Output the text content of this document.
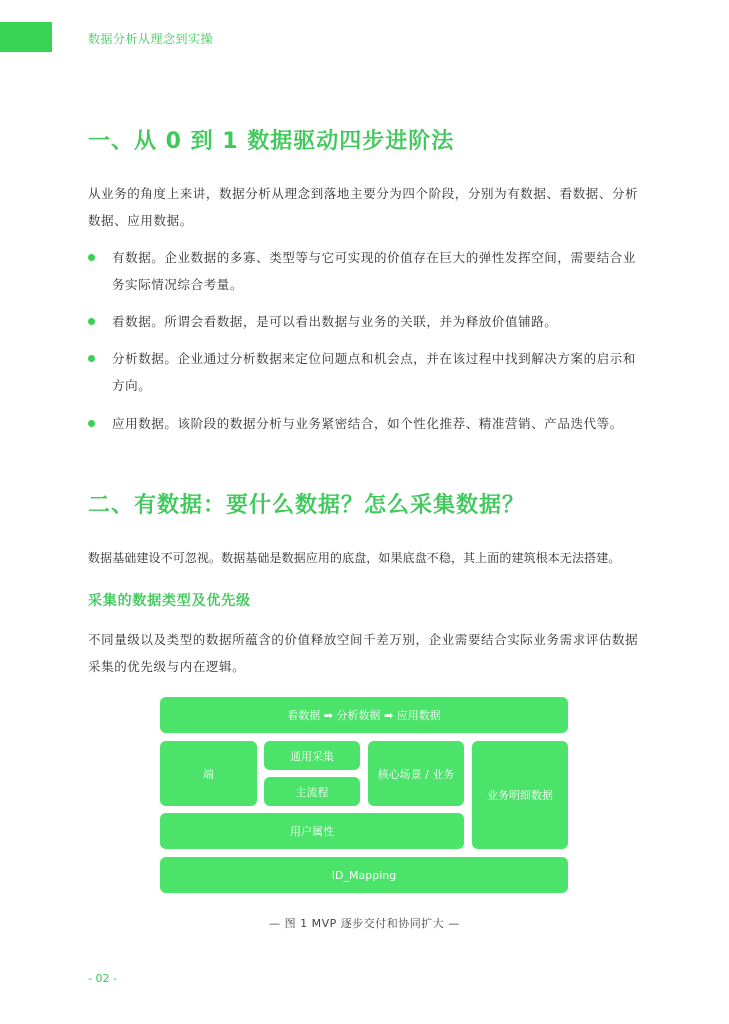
数据分析从理念到实操
一、从 0 到 1 数据驱动四步进阶法
从业务的角度上来讲，数据分析从理念到落地主要分为四个阶段，分别为有数据、看数据、分析数据、应用数据。
有数据。企业数据的多寡、类型等与它可实现的价值存在巨大的弹性发挥空间，需要结合业务实际情况综合考量。
看数据。所谓会看数据，是可以看出数据与业务的关联，并为释放价值铺路。
分析数据。企业通过分析数据来定位问题点和机会点，并在该过程中找到解决方案的启示和方向。
应用数据。该阶段的数据分析与业务紧密结合，如个性化推荐、精准营销、产品迭代等。
二、有数据：要什么数据？怎么采集数据？
数据基础建设不可忽视。数据基础是数据应用的底盘，如果底盘不稳，其上面的建筑根本无法搭建。
采集的数据类型及优先级
不同量级以及类型的数据所蕴含的价值释放空间千差万别，企业需要结合实际业务需求评估数据采集的优先级与内在逻辑。
看数据 ➡ 分析数据 ➡ 应用数据
端
通用采集
主流程
核心场景 / 业务
业务明细数据
用户属性
ID_Mapping
— 图 1 MVP 逐步交付和协同扩大 —
- 02 -
